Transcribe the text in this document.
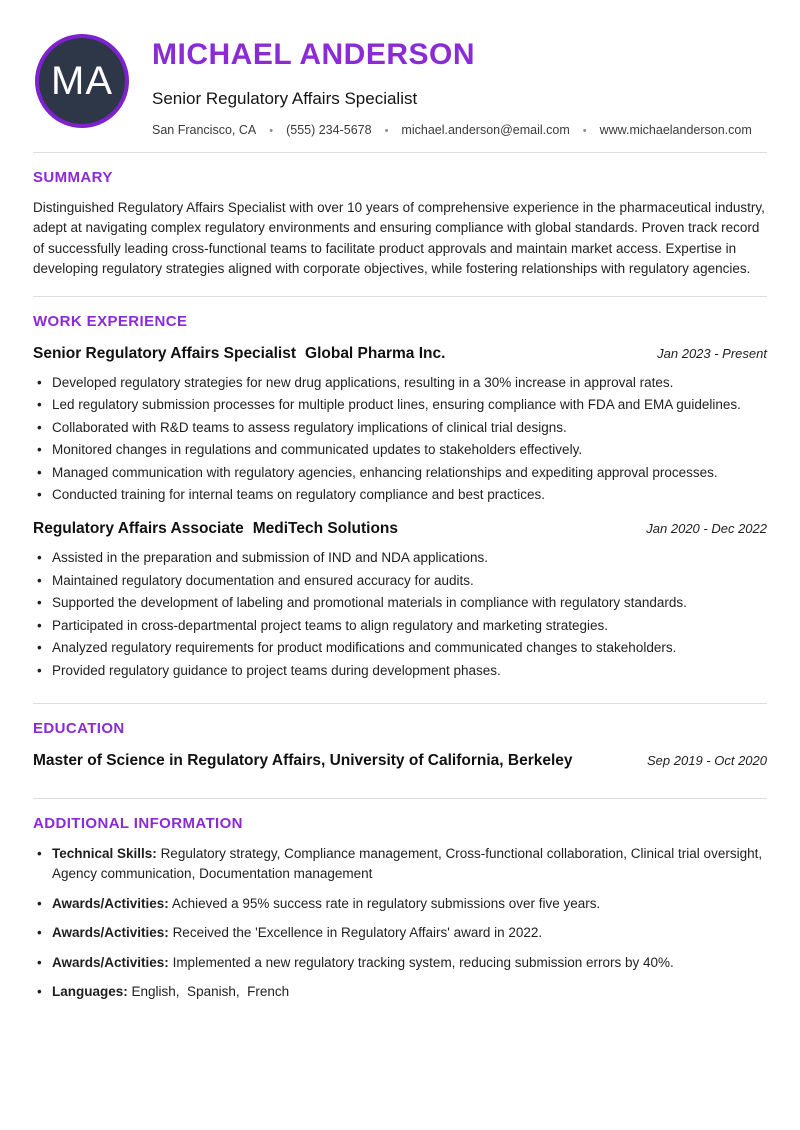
MA
MICHAEL ANDERSON
Senior Regulatory Affairs Specialist
San Francisco, CA • (555) 234-5678 • michael.anderson@email.com • www.michaelanderson.com
SUMMARY

Distinguished Regulatory Affairs Specialist with over 10 years of comprehensive experience in the pharmaceutical industry, adept at navigating complex regulatory environments and ensuring compliance with global standards. Proven track record of successfully leading cross-functional teams to facilitate product approvals and maintain market access. Expertise in developing regulatory strategies aligned with corporate objectives, while fostering relationships with regulatory agencies.

WORK EXPERIENCE
Senior Regulatory Affairs Specialist Global Pharma Inc.	Jan 2023 - Present
• Developed regulatory strategies for new drug applications, resulting in a 30% increase in approval rates.
• Led regulatory submission processes for multiple product lines, ensuring compliance with FDA and EMA guidelines.
• Collaborated with R&D teams to assess regulatory implications of clinical trial designs.
• Monitored changes in regulations and communicated updates to stakeholders effectively.
• Managed communication with regulatory agencies, enhancing relationships and expediting approval processes.
• Conducted training for internal teams on regulatory compliance and best practices.
Regulatory Affairs Associate MediTech Solutions	Jan 2020 - Dec 2022
• Assisted in the preparation and submission of IND and NDA applications.
• Maintained regulatory documentation and ensured accuracy for audits.
• Supported the development of labeling and promotional materials in compliance with regulatory standards.
• Participated in cross-departmental project teams to align regulatory and marketing strategies.
• Analyzed regulatory requirements for product modifications and communicated changes to stakeholders.
• Provided regulatory guidance to project teams during development phases.
EDUCATION
Master of Science in Regulatory Affairs, University of California, Berkeley	Sep 2019 - Oct 2020
ADDITIONAL INFORMATION
• Technical Skills: Regulatory strategy, Compliance management, Cross-functional collaboration, Clinical trial oversight, Agency communication, Documentation management
• Awards/Activities: Achieved a 95% success rate in regulatory submissions over five years.
• Awards/Activities: Received the 'Excellence in Regulatory Affairs' award in 2022.
• Awards/Activities: Implemented a new regulatory tracking system, reducing submission errors by 40%.
• Languages: English,  Spanish,  French
